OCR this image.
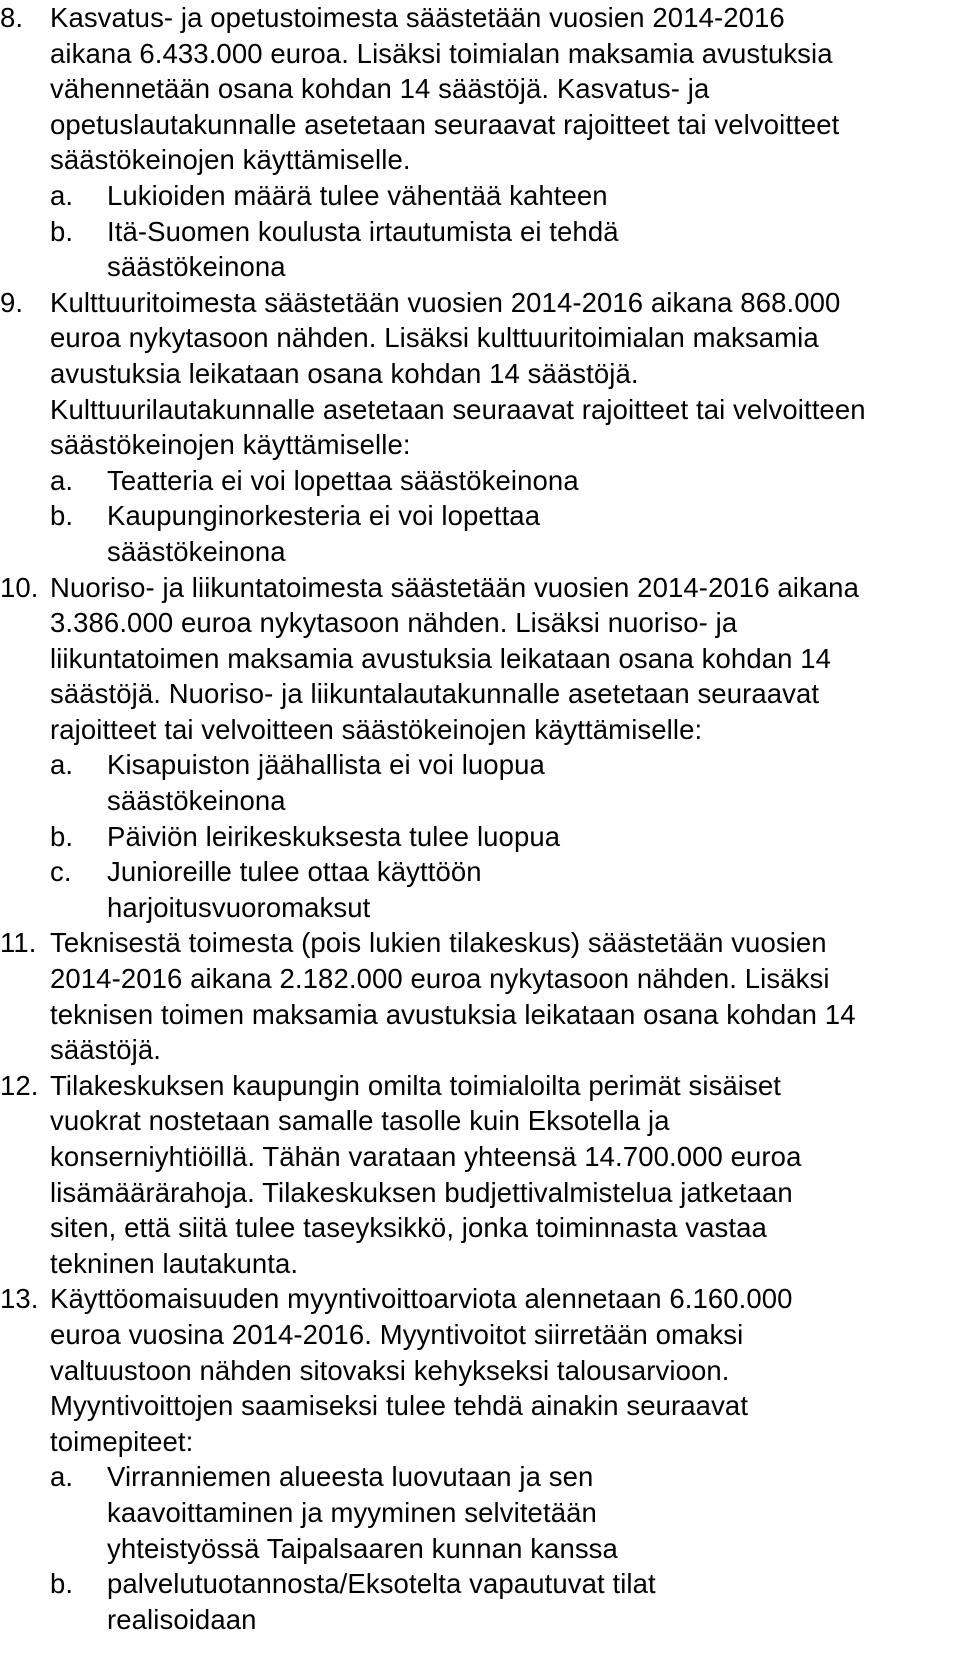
8. Kasvatus- ja opetustoimesta säästetään vuosien 2014-2016 aikana 6.433.000 euroa. Lisäksi toimialan maksamia avustuksia vähennetään osana kohdan 14 säästöjä. Kasvatus- ja opetuslautakunnalle asetetaan seuraavat rajoitteet tai velvoitteet säästökeinojen käyttämiselle.
a. Lukioiden määrä tulee vähentää kahteen
b. Itä-Suomen koulusta irtautumista ei tehdä säästökeinona
9. Kulttuuritoimesta säästetään vuosien 2014-2016 aikana 868.000 euroa nykytasoon nähden. Lisäksi kulttuuritoimialan maksamia avustuksia leikataan osana kohdan 14 säästöjä. Kulttuurilautakunnalle asetetaan seuraavat rajoitteet tai velvoitteen säästökeinojen käyttämiselle:
a. Teatteria ei voi lopettaa säästökeinona
b. Kaupunginorkesteria ei voi lopettaa säästökeinona
10. Nuoriso- ja liikuntatoimesta säästetään vuosien 2014-2016 aikana 3.386.000 euroa nykytasoon nähden. Lisäksi nuoriso- ja liikuntatoimen maksamia avustuksia leikataan osana kohdan 14 säästöjä. Nuoriso- ja liikuntalautakunnalle asetetaan seuraavat rajoitteet tai velvoitteen säästökeinojen käyttämiselle:
a. Kisapuiston jäähallista ei voi luopua säästökeinona
b. Päiviön leirikeskuksesta tulee luopua
c. Junioreille tulee ottaa käyttöön harjoitusvuoromaksut
11. Teknisestä toimesta (pois lukien tilakeskus) säästetään vuosien 2014-2016 aikana 2.182.000 euroa nykytasoon nähden. Lisäksi teknisen toimen maksamia avustuksia leikataan osana kohdan 14 säästöjä.
12. Tilakeskuksen kaupungin omilta toimialoilta perimät sisäiset vuokrat nostetaan samalle tasolle kuin Eksotella ja konserniyhtiöillä. Tähän varataan yhteensä 14.700.000 euroa lisämäärärahoja. Tilakeskuksen budjettivalmistelua jatketaan siten, että siitä tulee taseyksikkö, jonka toiminnasta vastaa tekninen lautakunta.
13. Käyttöomaisuuden myyntivoittoarviota alennetaan 6.160.000 euroa vuosina 2014-2016. Myyntivoitot siirretään omaksi valtuustoon nähden sitovaksi kehykseksi talousarvioon. Myyntivoittojen saamiseksi tulee tehdä ainakin seuraavat toimepiteet:
a. Virranniemen alueesta luovutaan ja sen kaavoittaminen ja myyminen selvitetään yhteistyössä Taipalsaaren kunnan kanssa
b. palvelutuotannosta/Eksotelta vapautuvat tilat realisoidaan
